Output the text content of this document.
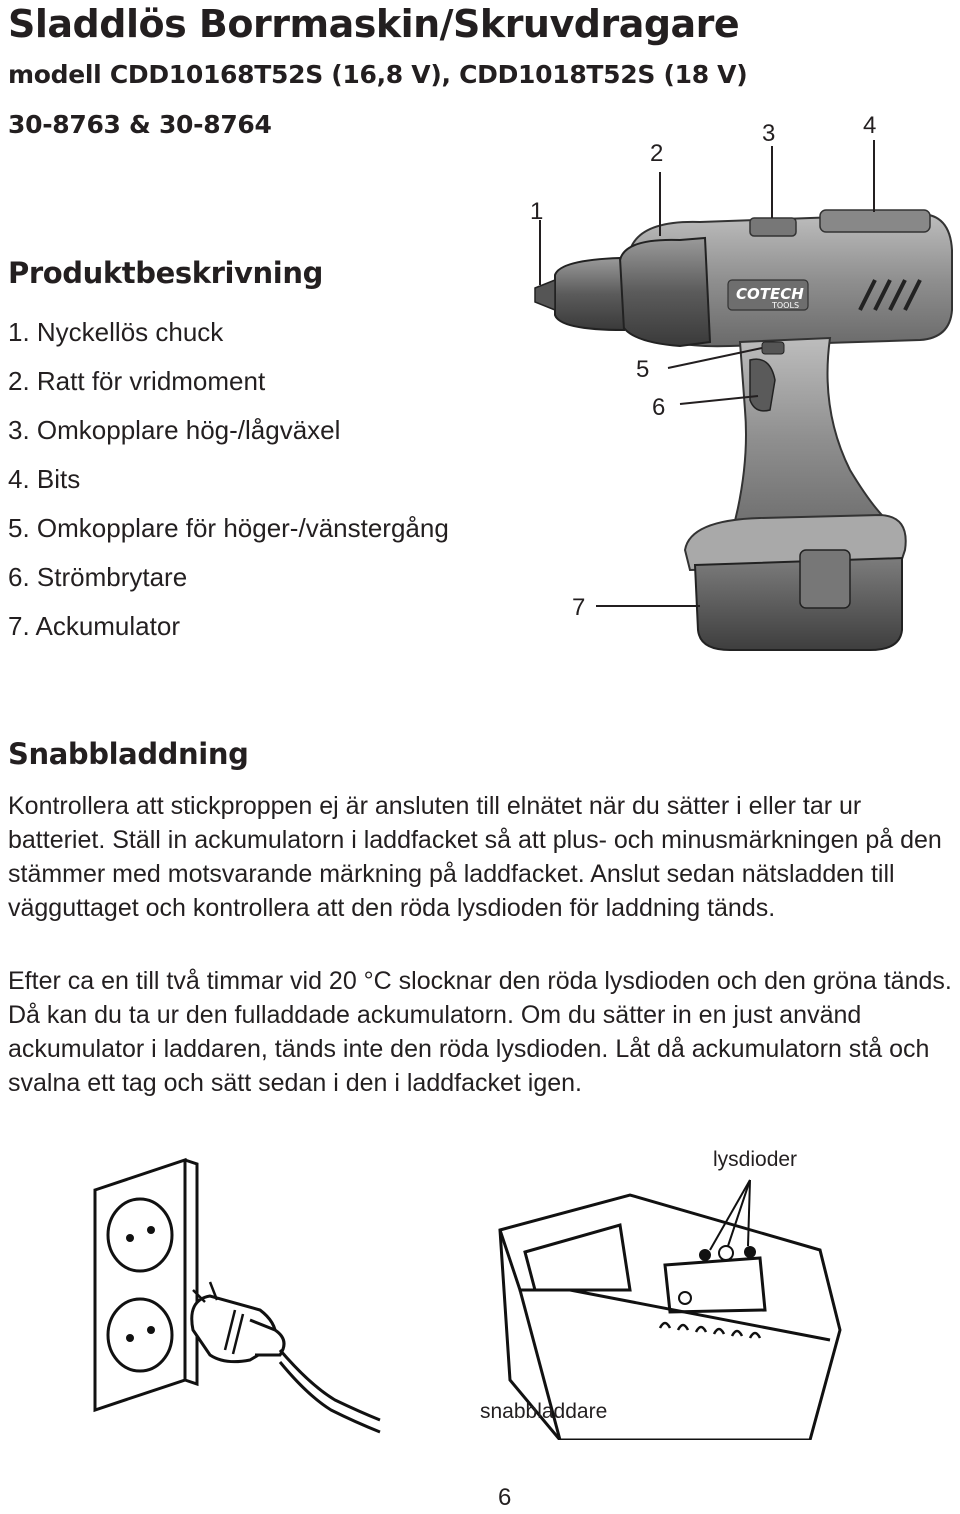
Sladdlös Borrmaskin/Skruvdragare

modell CDD10168T52S (16,8 V), CDD1018T52S (18 V)

30-8763 & 30-8764

Produktbeskrivning
1. Nyckellös chuck
2. Ratt för vridmoment
3. Omkopplare hög-/lågväxel
4. Bits
5. Omkopplare för höger-/vänstergång
6. Strömbrytare
7. Ackumulator
COTECH
TOOLS
1
2
3	4
5
6
7
Snabbladdning

Kontrollera att stickproppen ej är ansluten till elnätet när du sätter i eller tar ur batteriet. Ställ in ackumulatorn i laddfacket så att plus- och minusmärkningen på den stämmer med motsvarande märkning på laddfacket. Anslut sedan nätsladden till vägguttaget och kontrollera att den röda lysdioden för laddning tänds.

Efter ca en till två timmar vid 20 °C slocknar den röda lysdioden och den gröna tänds. Då kan du ta ur den fulladdade ackumulatorn. Om du sätter in en just använd ackumulator i laddaren, tänds inte den röda lysdioden. Låt då ackumulatorn stå och svalna ett tag och sätt sedan i den i laddfacket igen.

lysdioder
snabbladdare
6
